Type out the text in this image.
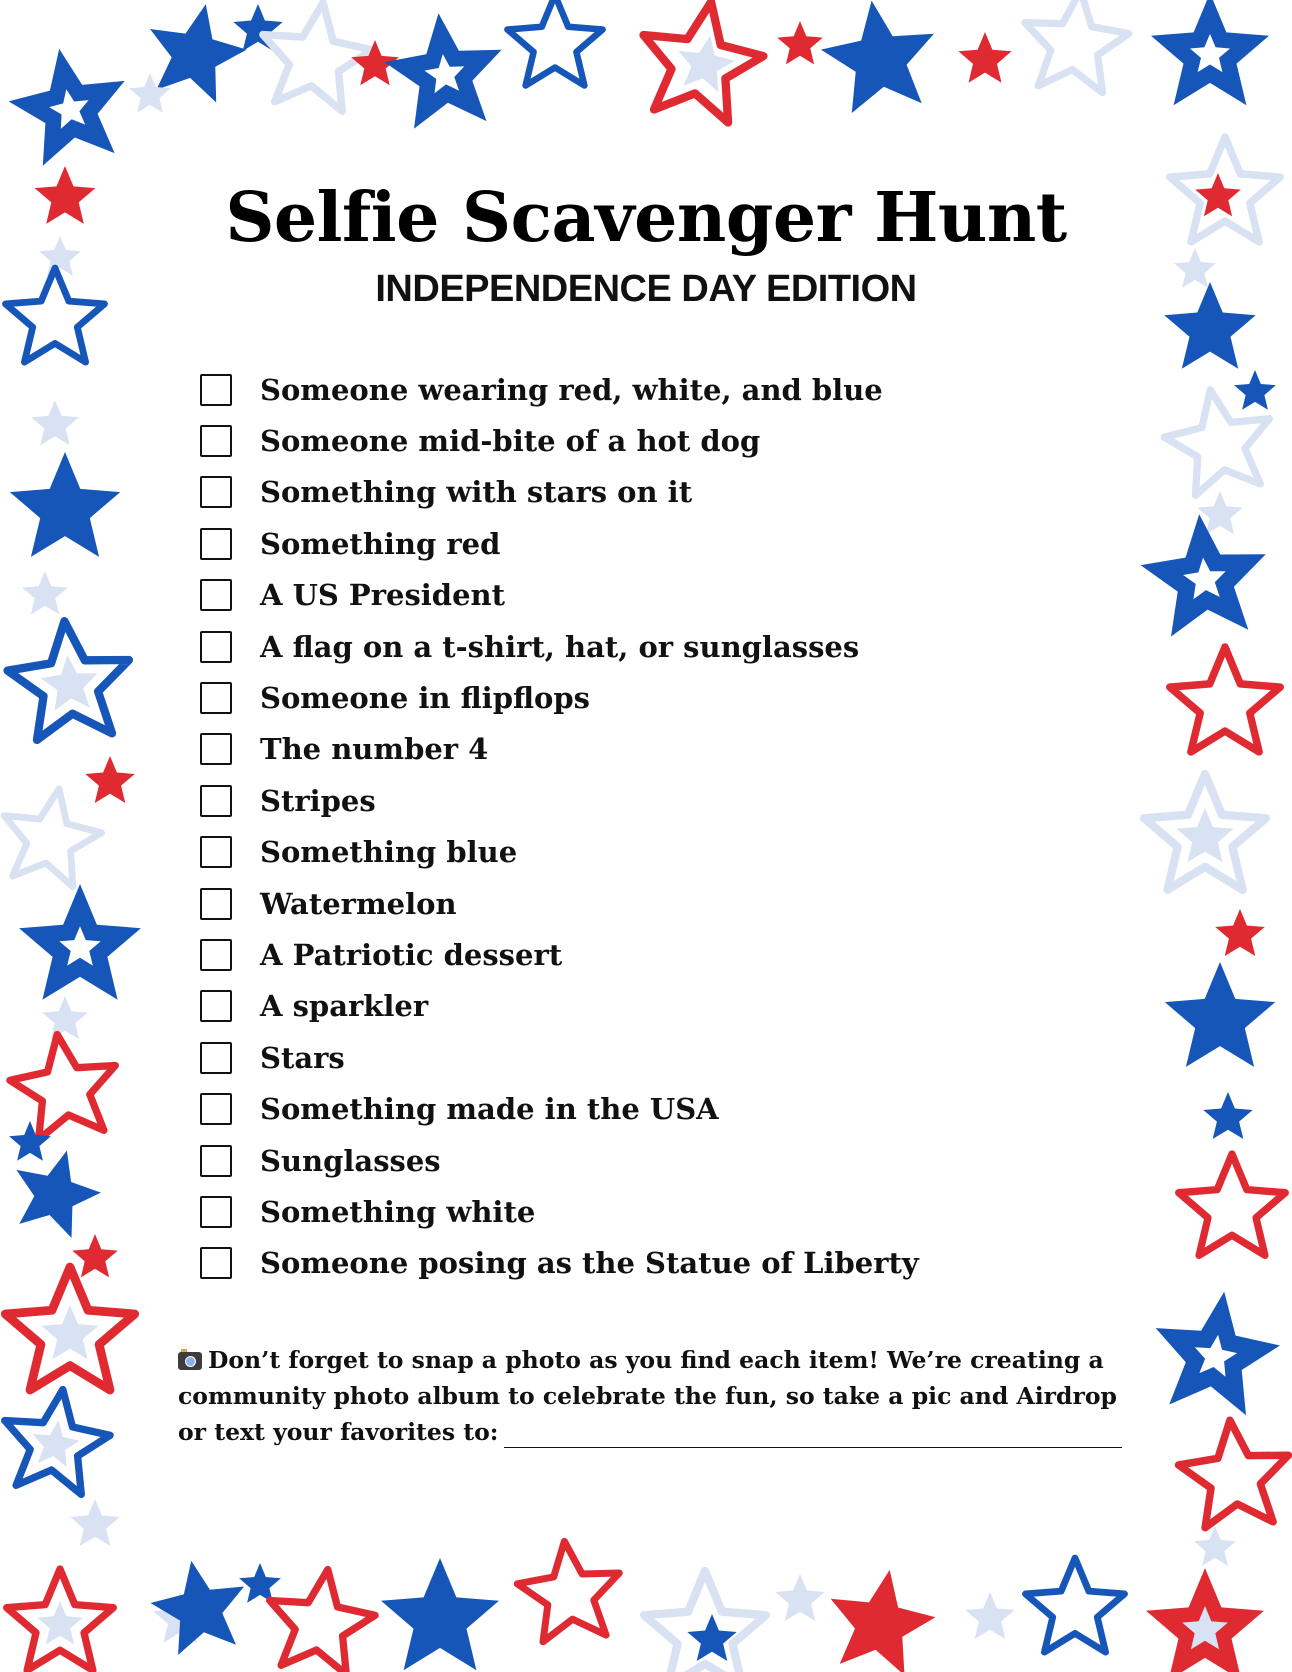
Selfie Scavenger Hunt
INDEPENDENCE DAY EDITION
Someone wearing red, white, and blue
Someone mid-bite of a hot dog
Something with stars on it
Something red
A US President
A flag on a t-shirt, hat, or sunglasses
Someone in flipflops
The number 4
Stripes
Something blue
Watermelon
A Patriotic dessert
A sparkler
Stars
Something made in the USA
Sunglasses
Something white
Someone posing as the Statue of Liberty
Don’t forget to snap a photo as you find each item! We’re creating a
community photo album to celebrate the fun, so take a pic and Airdrop
or text your favorites to:
